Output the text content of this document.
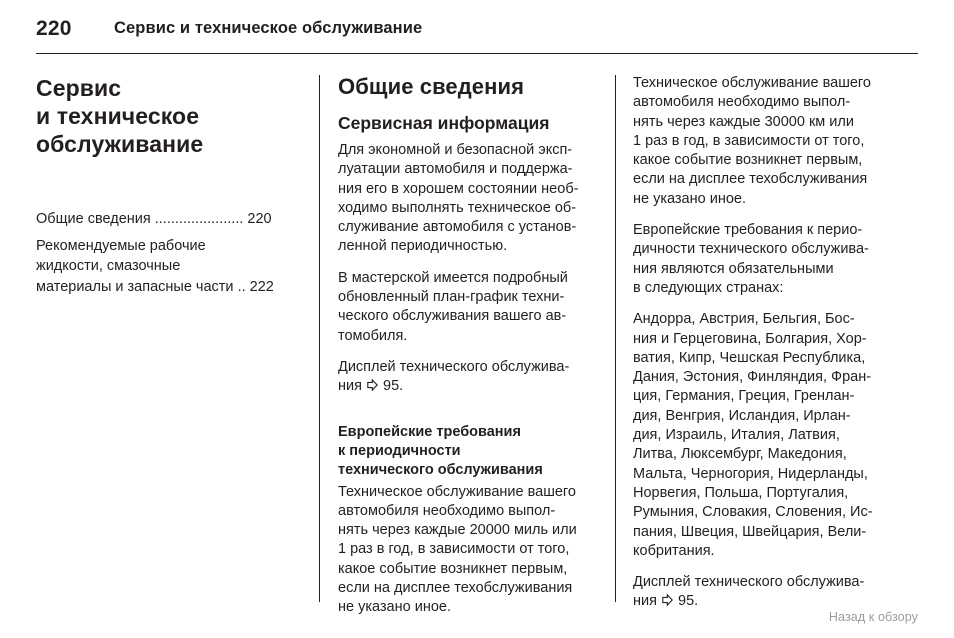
220	Сервис и техническое обслуживание
Сервис
и техническое
обслуживание
Общие сведения ...................... 220
Рекомендуемые рабочие
жидкости, смазочные
материалы и запасные части .. 222
Общие сведения
Сервисная информация

Для экономной и безопасной эксп-
луатации автомобиля и поддержа-
ния его в хорошем состоянии необ-
ходимо выполнять техническое об-
служивание автомобиля с установ-
ленной периодичностью.

В мастерской имеется подробный
обновленный план-график техни-
ческого обслуживания вашего ав-
томобиля.

Дисплей технического обслужива-
ния
95.

Европейские требования
к периодичности
технического обслуживания

Техническое обслуживание вашего
автомобиля необходимо выпол-
нять через каждые 20000 миль или
1 раз в год, в зависимости от того,
какое событие возникнет первым,
если на дисплее техобслуживания
не указано иное.

Техническое обслуживание вашего
автомобиля необходимо выпол-
нять через каждые 30000 км или
1 раз в год, в зависимости от того,
какое событие возникнет первым,
если на дисплее техобслуживания
не указано иное.

Европейские требования к перио-
дичности технического обслужива-
ния являются обязательными
в следующих странах:

Андорра, Австрия, Бельгия, Бос-
ния и Герцеговина, Болгария, Хор-
ватия, Кипр, Чешская Республика,
Дания, Эстония, Финляндия, Фран-
ция, Германия, Греция, Гренлан-
дия, Венгрия, Исландия, Ирлан-
дия, Израиль, Италия, Латвия,
Литва, Люксембург, Македония,
Мальта, Черногория, Нидерланды,
Норвегия, Польша, Португалия,
Румыния, Словакия, Словения, Ис-
пания, Швеция, Швейцария, Вели-
кобритания.

Дисплей технического обслужива-
ния
95.

Назад к обзору
